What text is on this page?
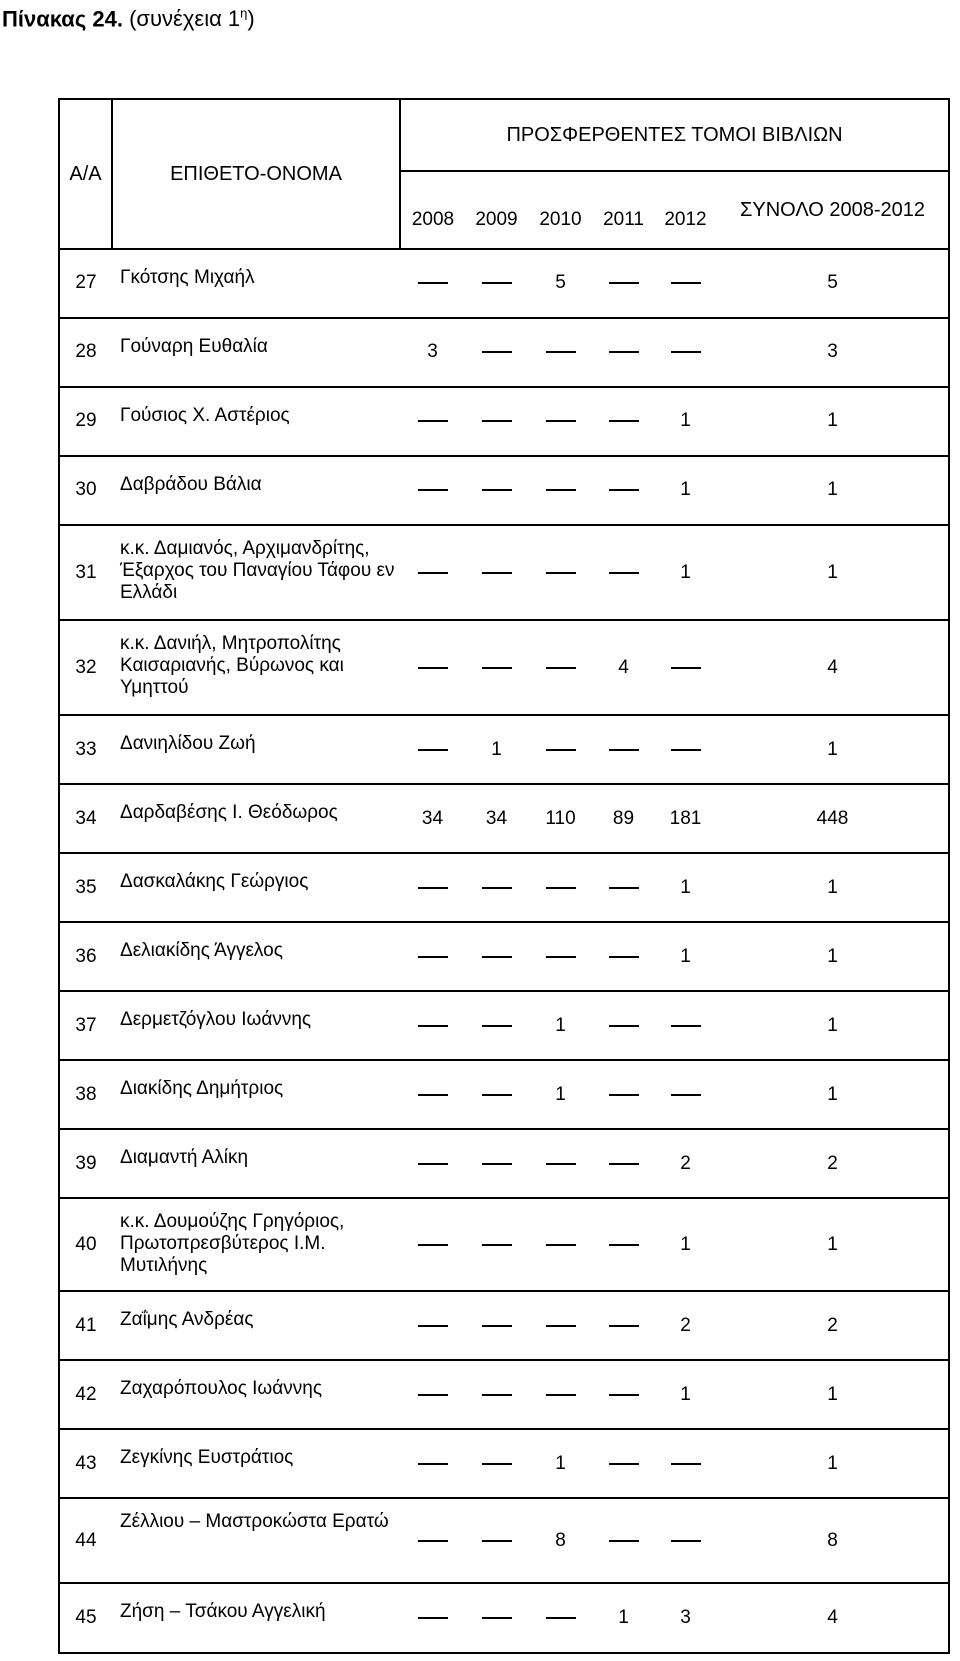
Πίνακας 24. (συνέχεια $1^\eta$)
Α/Α	ΕΠΙΘΕΤΟ-ΟΝΟΜΑ	ΠΡΟΣΦΕΡΘΕΝΤΕΣ ΤΟΜΟΙ ΒΙΒΛΙΩΝ					
		2008	2009	2010	2011	2012	ΣΥΝΟΛΟ 2008-2012
27	Γκότσης Μιχαήλ			5			5
28	Γούναρη Ευθαλία	3					3
29	Γούσιος Χ. Αστέριος					1	1
30	Δαβράδου Βάλια					1	1
31	κ.κ. Δαμιανός, Αρχιμανδρίτης, Έξαρχος του Παναγίου Τάφου εν Ελλάδι					1	1
32	κ.κ. Δανιήλ, Μητροπολίτης Καισαριανής, Βύρωνος και Υμηττού				4		4
33	Δανιηλίδου Ζωή		1				1
34	Δαρδαβέσης Ι. Θεόδωρος	34	34	110	89	181	448
35	Δασκαλάκης Γεώργιος					1	1
36	Δελιακίδης Άγγελος					1	1
37	Δερμετζόγλου Ιωάννης			1			1
38	Διακίδης Δημήτριος			1			1
39	Διαμαντή Αλίκη					2	2
40	κ.κ. Δουμούζης Γρηγόριος, Πρωτοπρεσβύτερος Ι.Μ. Μυτιλήνης					1	1
41	Ζαΐμης Ανδρέας					2	2
42	Ζαχαρόπουλος Ιωάννης					1	1
43	Ζεγκίνης Ευστράτιος			1			1
44	Ζέλλιου – Μαστροκώστα Ερατώ			8			8
45	Ζήση – Τσάκου Αγγελική				1	3	4
